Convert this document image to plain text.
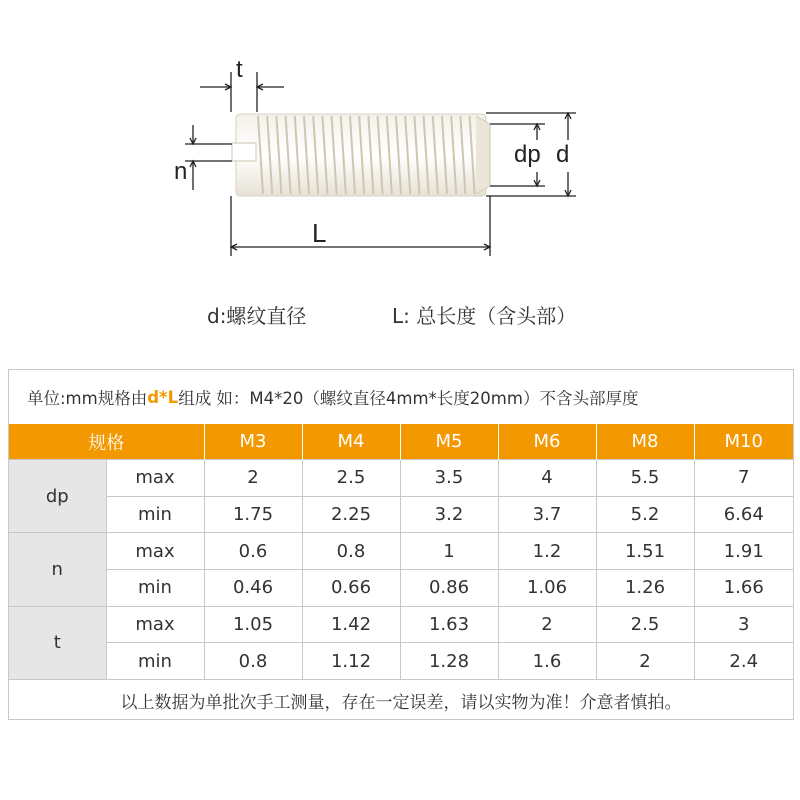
t
n
dp d
L
d:螺纹直径	L: 总长度（含头部）
单位:mm规格由 d*L 组成 如：M4*20（螺纹直径4mm*长度20mm）不含头部厚度
规格		M3	M4	M5	M6	M8	M10
dp	max	2	2.5	3.5	4	5.5	7
	min	1.75	2.25	3.2	3.7	5.2	6.64
n	max	0.6	0.8	1	1.2	1.51	1.91
	min	0.46	0.66	0.86	1.06	1.26	1.66
t	max	1.05	1.42	1.63	2	2.5	3
	min	0.8	1.12	1.28	1.6	2	2.4
以上数据为单批次手工测量，存在一定误差，请以实物为准！介意者慎拍。
